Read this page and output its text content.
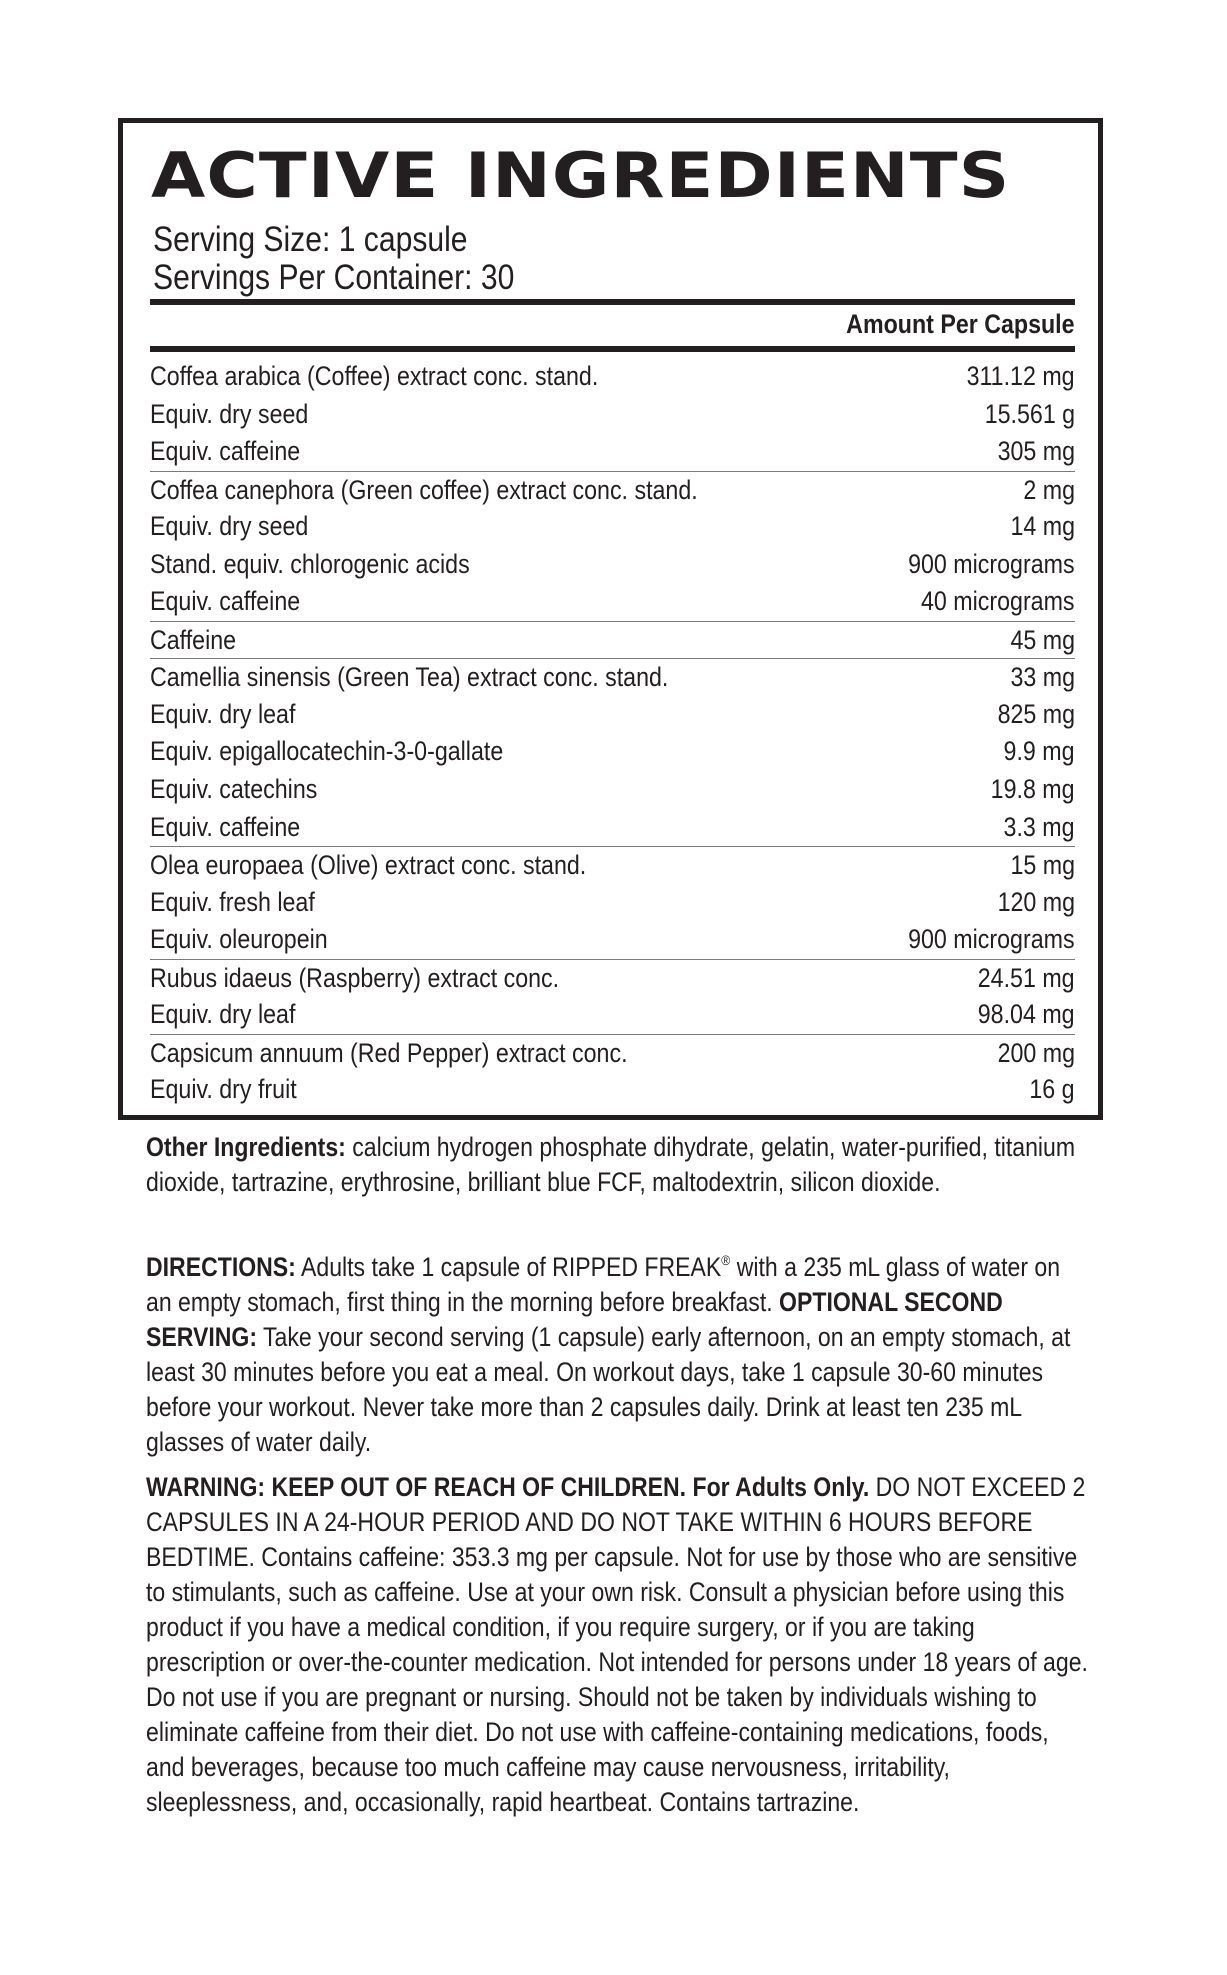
ACTIVE INGREDIENTS
Serving Size: 1 capsule
Servings Per Container: 30
Amount Per Capsule
Coffea arabica (Coffee) extract conc. stand.	311.12 mg
Equiv. dry seed	15.561 g
Equiv. caffeine	305 mg
Coffea canephora (Green coffee) extract conc. stand.	2 mg
Equiv. dry seed	14 mg
Stand. equiv. chlorogenic acids	900 micrograms
Equiv. caffeine	40 micrograms
Caffeine	45 mg
Camellia sinensis (Green Tea) extract conc. stand.	33 mg
Equiv. dry leaf	825 mg
Equiv. epigallocatechin-3-0-gallate	9.9 mg
Equiv. catechins	19.8 mg
Equiv. caffeine	3.3 mg
Olea europaea (Olive) extract conc. stand.	15 mg
Equiv. fresh leaf	120 mg
Equiv. oleuropein	900 micrograms
Rubus idaeus (Raspberry) extract conc.	24.51 mg
Equiv. dry leaf	98.04 mg
Capsicum annuum (Red Pepper) extract conc.	200 mg
Equiv. dry fruit	16 g
Other Ingredients: calcium hydrogen phosphate dihydrate, gelatin, water-purified, titanium dioxide, tartrazine, erythrosine, brilliant blue FCF, maltodextrin, silicon dioxide.
DIRECTIONS: Adults take 1 capsule of RIPPED FREAK® with a 235 mL glass of water on an empty stomach, first thing in the morning before breakfast. OPTIONAL SECOND SERVING: Take your second serving (1 capsule) early afternoon, on an empty stomach, at least 30 minutes before you eat a meal. On workout days, take 1 capsule 30-60 minutes before your workout. Never take more than 2 capsules daily. Drink at least ten 235 mL glasses of water daily.
WARNING: KEEP OUT OF REACH OF CHILDREN. For Adults Only. DO NOT EXCEED 2 CAPSULES IN A 24-HOUR PERIOD AND DO NOT TAKE WITHIN 6 HOURS BEFORE BEDTIME. Contains caffeine: 353.3 mg per capsule. Not for use by those who are sensitive to stimulants, such as caffeine. Use at your own risk. Consult a physician before using this product if you have a medical condition, if you require surgery, or if you are taking prescription or over-the-counter medication. Not intended for persons under 18 years of age. Do not use if you are pregnant or nursing. Should not be taken by individuals wishing to eliminate caffeine from their diet. Do not use with caffeine-containing medications, foods, and beverages, because too much caffeine may cause nervousness, irritability, sleeplessness, and, occasionally, rapid heartbeat. Contains tartrazine.
